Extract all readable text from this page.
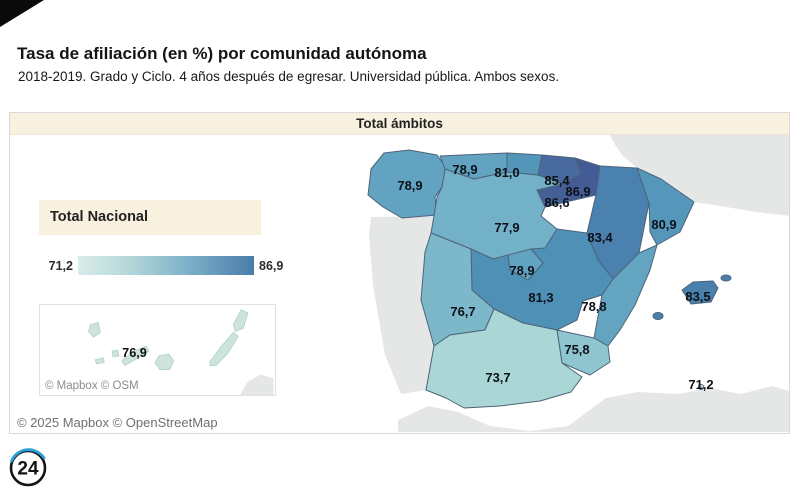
Tasa de afiliación (en %) por comunidad autónoma
2018-2019. Grado y Ciclo. 4 años después de egresar. Universidad pública. Ambos sexos.
Total ámbitos
78,9
78,9 81,0
85,4
86,9
86,6
77,9	80,9
83,4
78,9
81,3
76,7	78,8
75,8
73,7
83,5
71,2
Total Nacional
71,2	86,9
76,9
© Mapbox © OSM
© 2025 Mapbox © OpenStreetMap
24
